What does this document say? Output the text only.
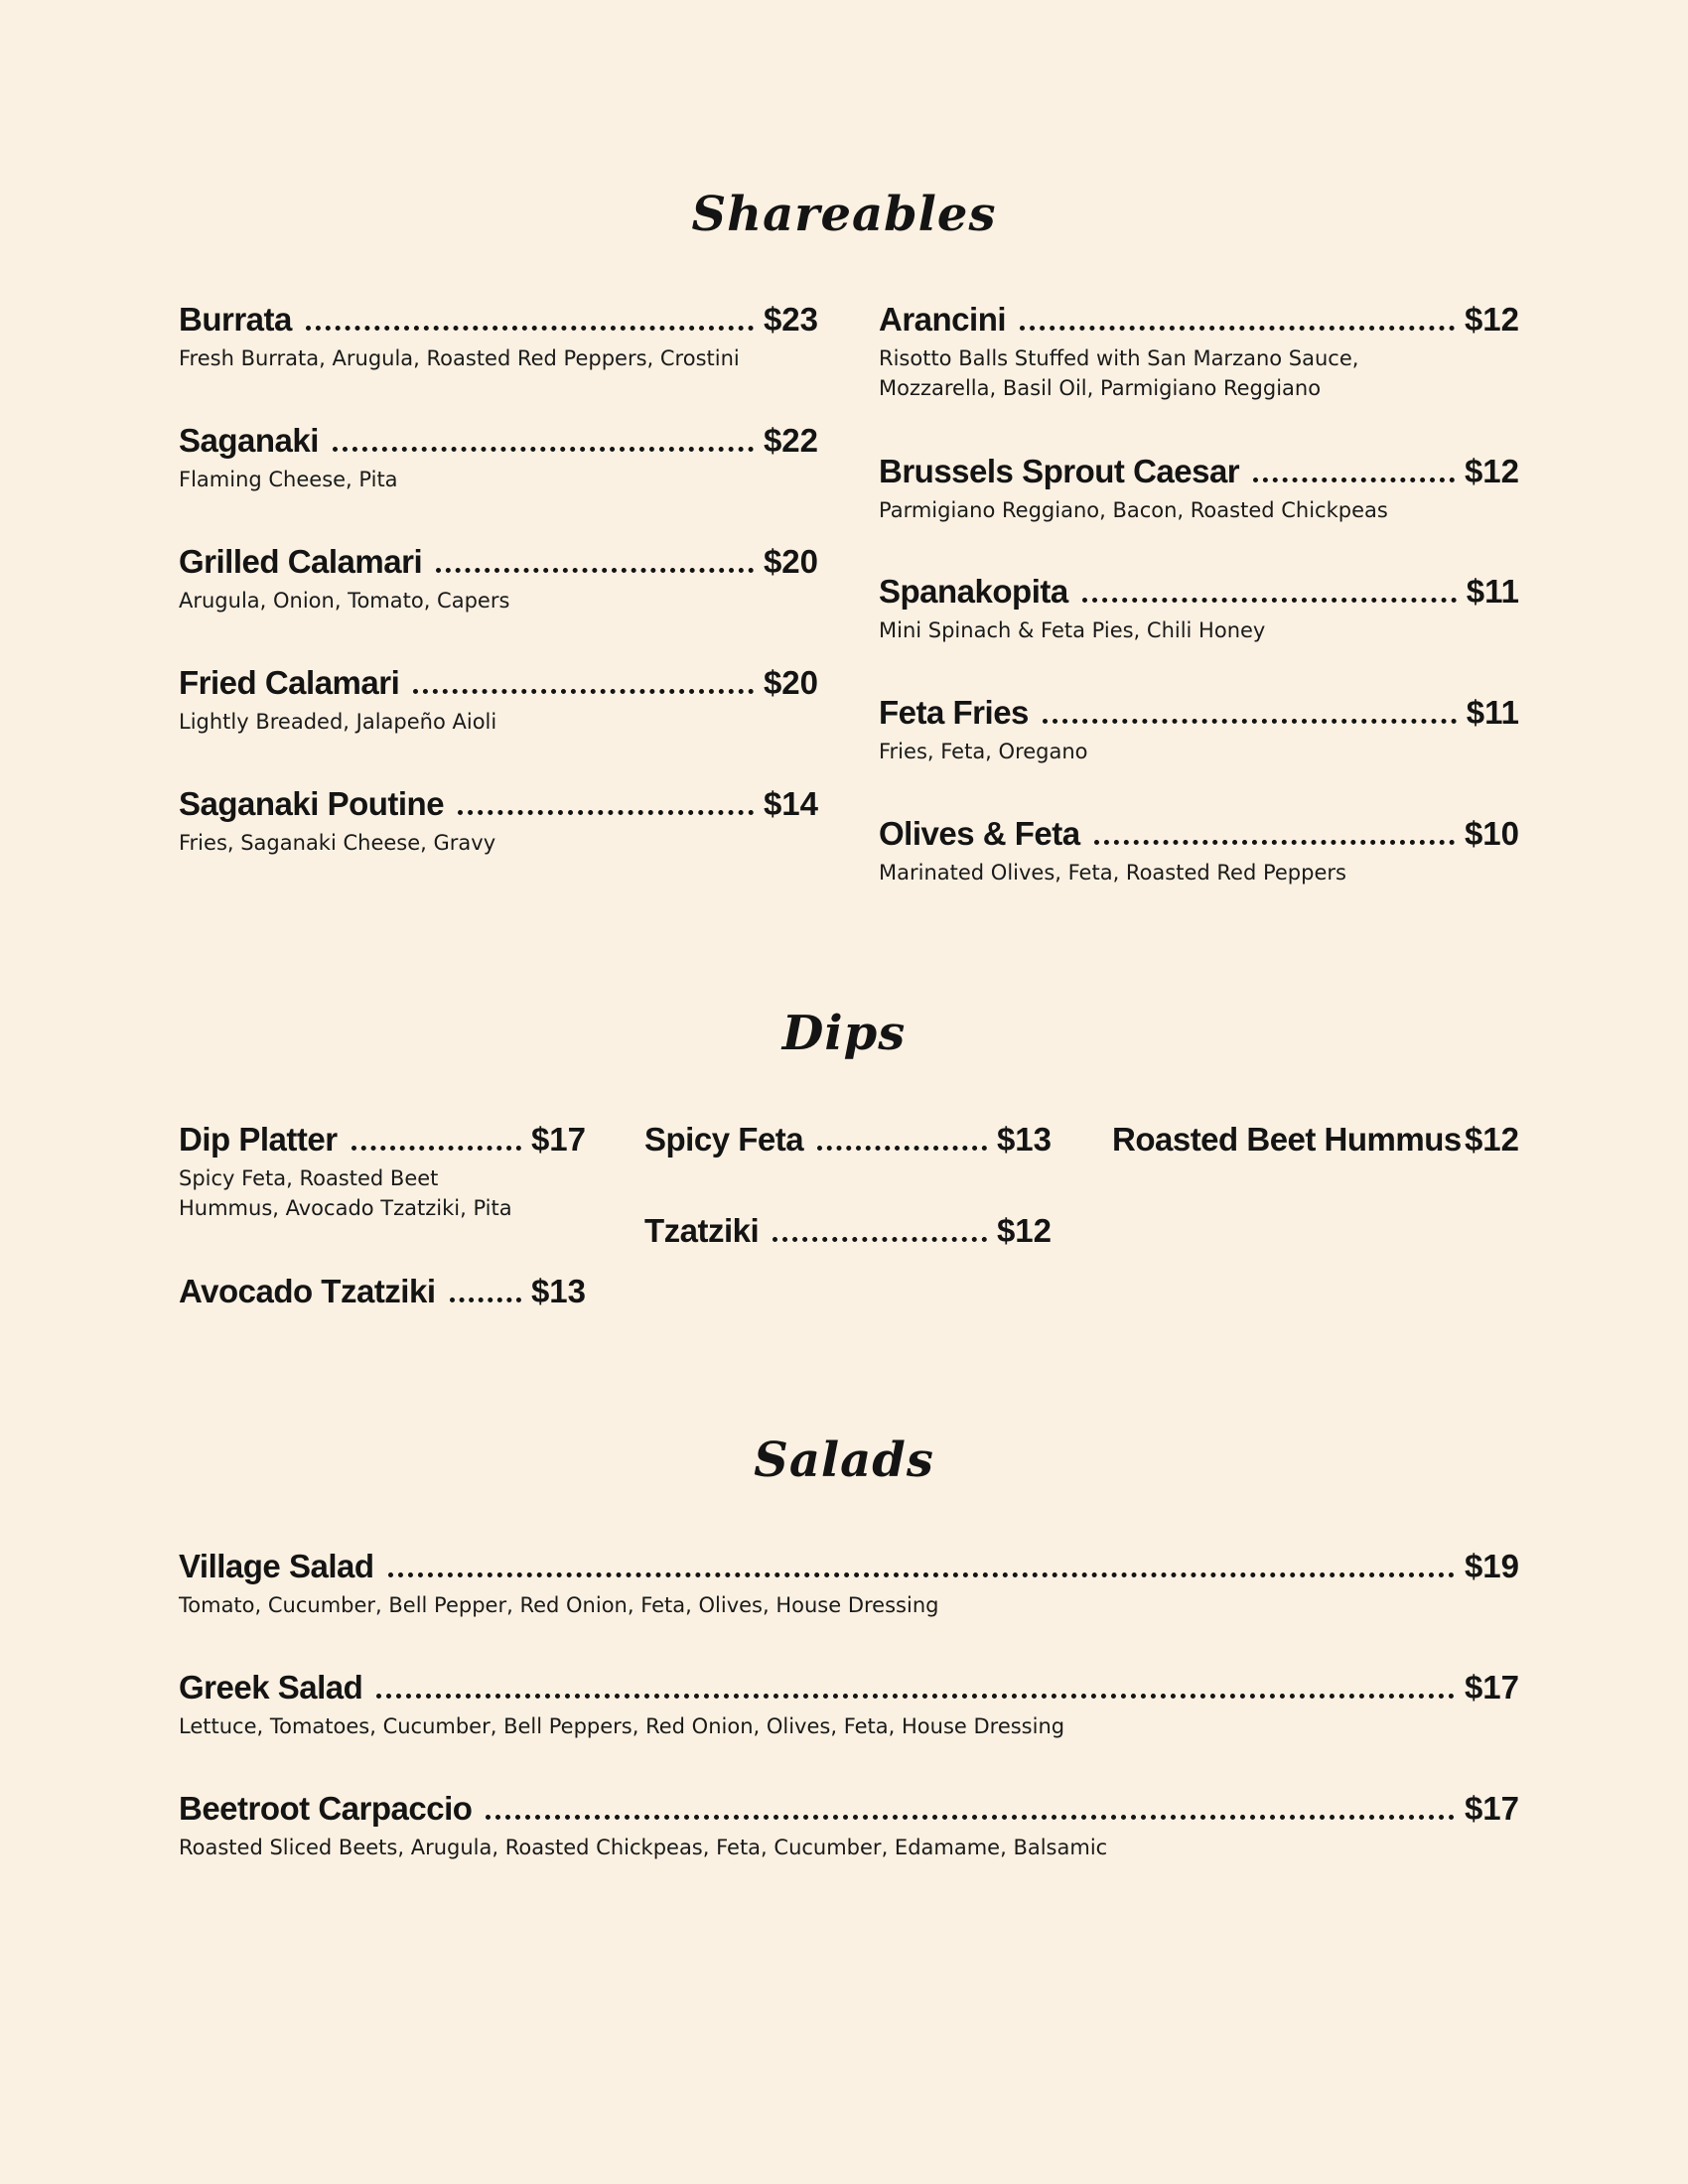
Shareables
Burrata	$23
Fresh Burrata, Arugula, Roasted Red Peppers, Crostini
Saganaki	$22
Flaming Cheese, Pita
Grilled Calamari	$20
Arugula, Onion, Tomato, Capers
Fried Calamari	$20
Lightly Breaded, Jalapeño Aioli
Saganaki Poutine	$14
Fries, Saganaki Cheese, Gravy
Arancini	$12
Risotto Balls Stuffed with San Marzano Sauce,
Mozzarella, Basil Oil, Parmigiano Reggiano
Brussels Sprout Caesar	$12
Parmigiano Reggiano, Bacon, Roasted Chickpeas
Spanakopita	$11
Mini Spinach & Feta Pies, Chili Honey
Feta Fries	$11
Fries, Feta, Oregano
Olives & Feta	$10
Marinated Olives, Feta, Roasted Red Peppers
Dips
Dip Platter	$17
Spicy Feta, Roasted Beet
Hummus, Avocado Tzatziki, Pita
Avocado Tzatziki	$13
Spicy Feta	$13
Tzatziki	$12
Roasted Beet Hummus $12
Salads
Village Salad	$19
Tomato, Cucumber, Bell Pepper, Red Onion, Feta, Olives, House Dressing
Greek Salad	$17
Lettuce, Tomatoes, Cucumber, Bell Peppers, Red Onion, Olives, Feta, House Dressing
Beetroot Carpaccio	$17
Roasted Sliced Beets, Arugula, Roasted Chickpeas, Feta, Cucumber, Edamame, Balsamic
